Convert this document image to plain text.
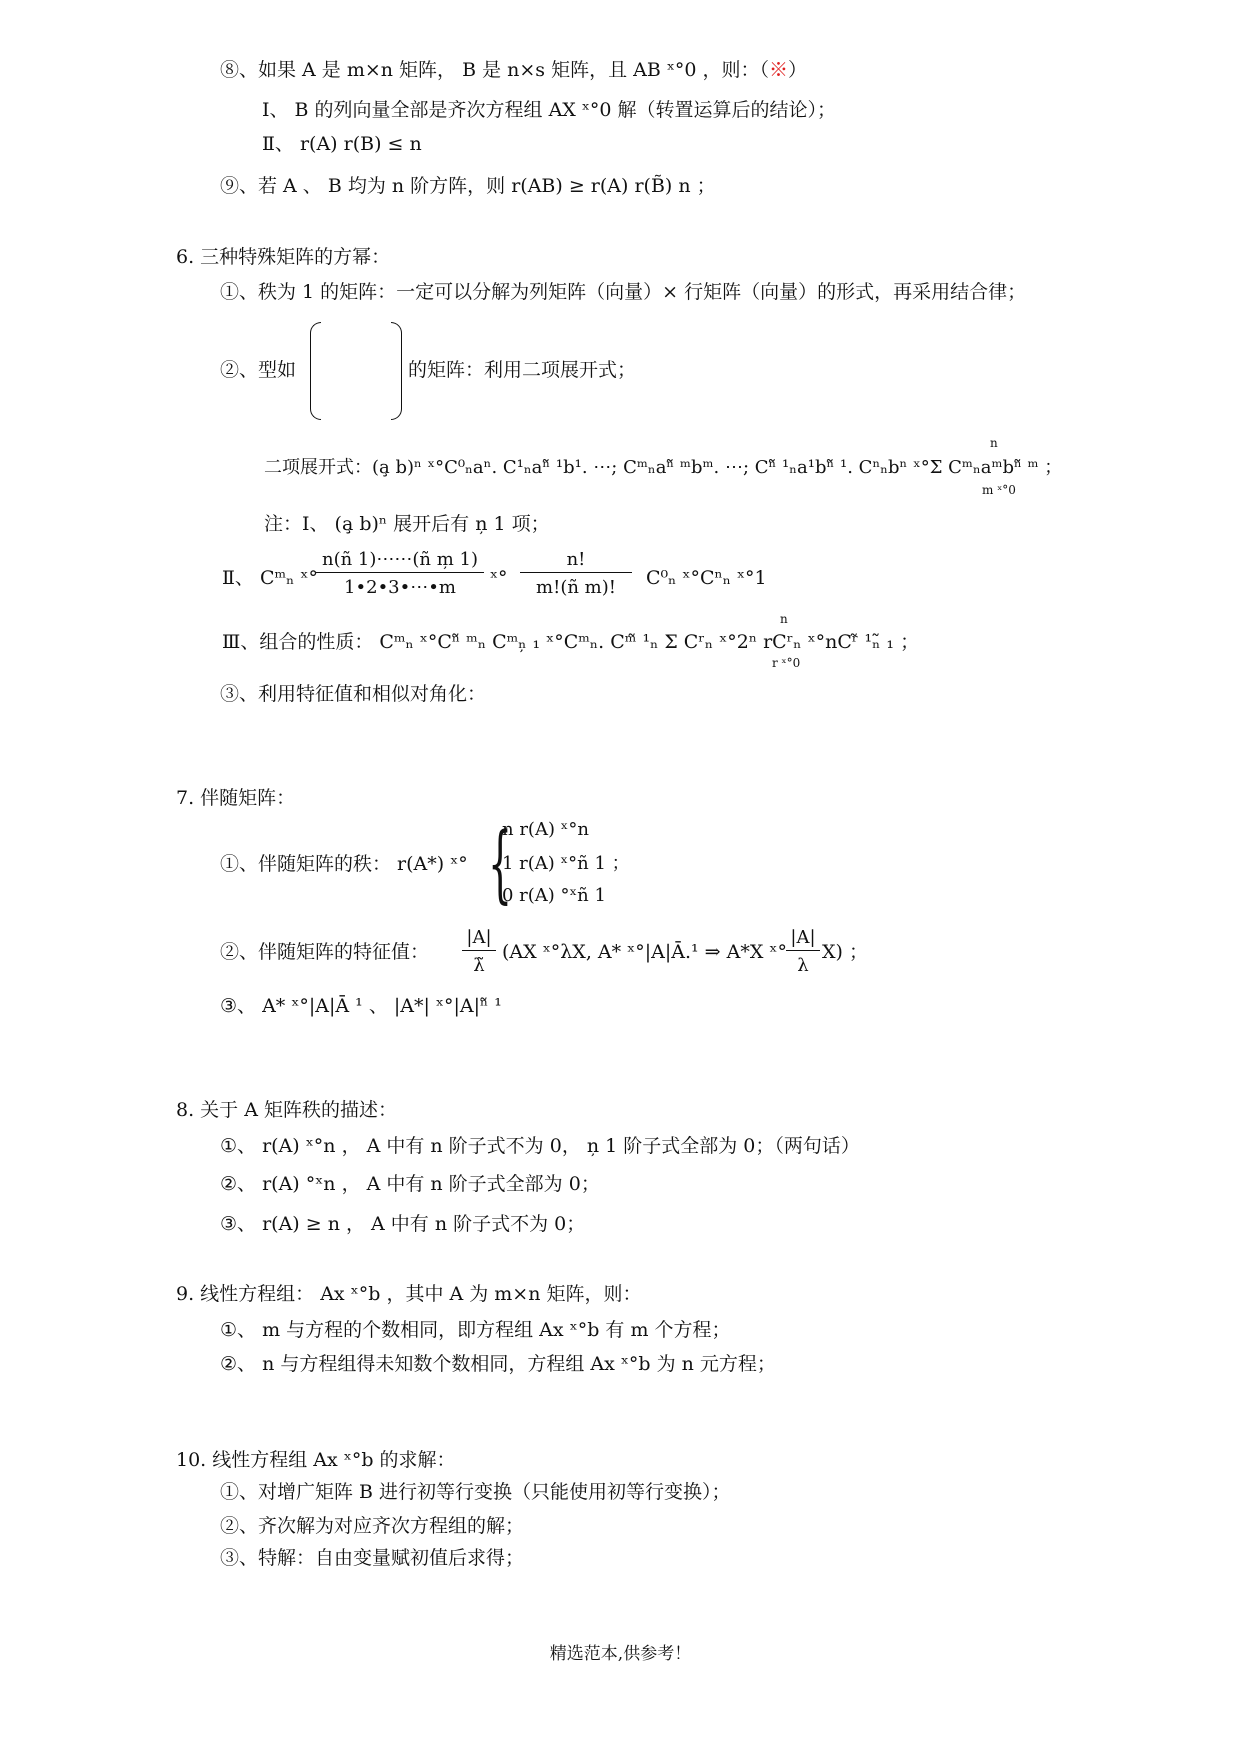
⑧、如果 A 是 m×n 矩阵， B 是 n×s 矩阵，且 AB ˣ°0 ，则：（※）
Ⅰ、 B 的列向量全部是齐次方程组 AX ˣ°0 解（转置运算后的结论）；
Ⅱ、 r(A) r(B) ≤ n
⑨、若 A 、 B 均为 n 阶方阵，则 r(AB) ≥ r(A) r(B̃) n ；
6. 三种特殊矩阵的方幂：
①、秩为 1 的矩阵：一定可以分解为列矩阵（向量）× 行矩阵（向量）的形式，再采用结合律；
②、型如	的矩阵：利用二项展开式；
二项展开式：(a̧ b)ⁿ ˣ°C⁰ₙaⁿ. C¹ₙaⁿ̃ ¹b¹. ⋯; Cᵐₙaⁿ̃ ᵐbᵐ. ⋯; Cⁿ̃ ¹ₙa¹bⁿ̃ ¹. Cⁿₙbⁿ ˣ°Σ Cᵐₙaᵐbⁿ̃ ᵐ ；
n
m ˣ°0
注：Ⅰ、 (a̧ b)ⁿ 展开后有 n̦ 1 项；
Ⅱ、 Cᵐₙ ˣ°
n(ñ 1)⋯⋯(ñ m̦ 1)
1•2•3•⋯•m	ˣ°
n!
m!(ñ m)!	C⁰ₙ ˣ°Cⁿₙ ˣ°1
Ⅲ、组合的性质： Cᵐₙ ˣ°Cⁿ̃ ᵐₙ Cᵐₙ̦ ₁ ˣ°Cᵐₙ. Cᵐ̃ ¹ₙ Σ Cʳₙ ˣ°2ⁿ rCʳₙ ˣ°nCʳ̃ ¹ₙ̃ ₁ ；
n
r ˣ°0
③、利用特征值和相似对角化：
7. 伴随矩阵：
①、伴随矩阵的秩： r(A*) ˣ° {
n r(A) ˣ°n
1 r(A) ˣ°ñ 1 ；
0 r(A) °ˣñ 1
②、伴随矩阵的特征值：
|A|
λ̃
(AX ˣ°λX, A* ˣ°|A|Ā.¹ ⇒ A*X ˣ°
|A|
λ
X) ；
③、 A* ˣ°|A|Ā ¹ 、 |A*| ˣ°|A|ⁿ̃ ¹
8. 关于 A 矩阵秩的描述：
①、 r(A) ˣ°n ， A 中有 n 阶子式不为 0， n̦ 1 阶子式全部为 0；（两句话）
②、 r(A) °ˣn ， A 中有 n 阶子式全部为 0；
③、 r(A) ≥ n ， A 中有 n 阶子式不为 0；
9. 线性方程组： Ax ˣ°b ，其中 A 为 m×n 矩阵，则：
①、 m 与方程的个数相同，即方程组 Ax ˣ°b 有 m 个方程；
②、 n 与方程组得未知数个数相同，方程组 Ax ˣ°b 为 n 元方程；
10. 线性方程组 Ax ˣ°b 的求解：
①、对增广矩阵 B 进行初等行变换（只能使用初等行变换）；
②、齐次解为对应齐次方程组的解；
③、特解：自由变量赋初值后求得；
精选范本,供参考！
